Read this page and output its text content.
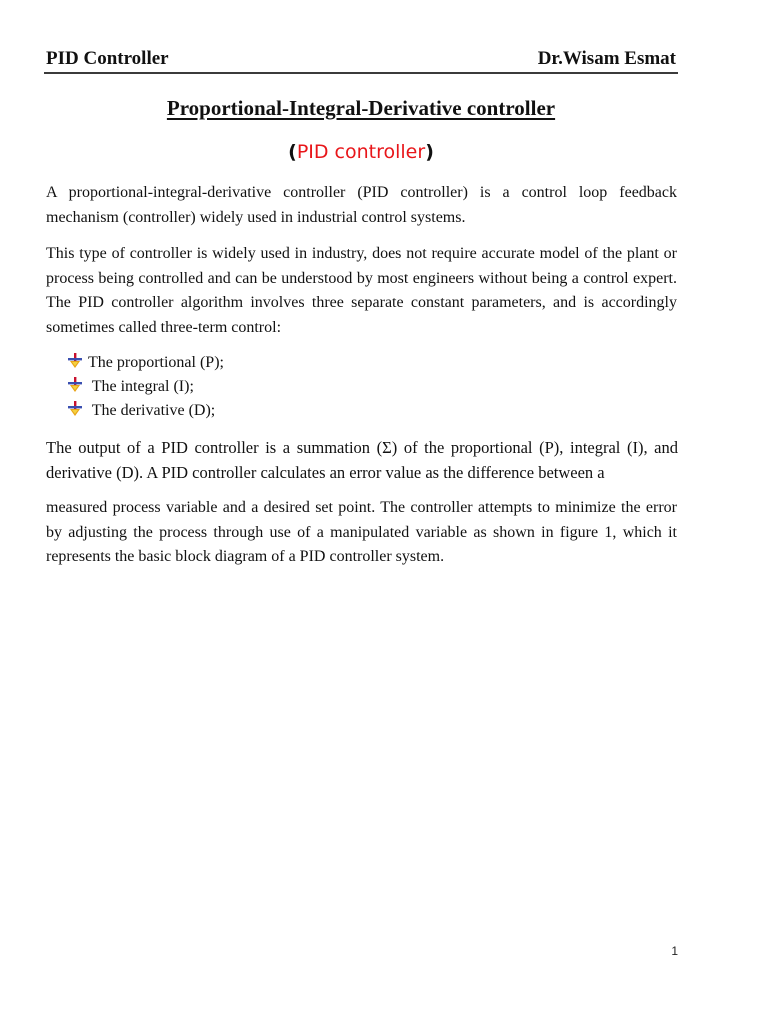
PID Controller	Dr.Wisam Esmat
Proportional-Integral-Derivative controller
(PID controller)

A proportional-integral-derivative controller (PID controller) is a control loop feedback mechanism (controller) widely used in industrial control systems.

This type of controller is widely used in industry, does not require accurate model of the plant or process being controlled and can be understood by most engineers without being a control expert. The PID controller algorithm involves three separate constant parameters, and is accordingly sometimes called three-term control:

The proportional (P);
The integral (I);
The derivative (D);

The output of a PID controller is a summation (Σ) of the proportional (P), integral (I), and derivative (D). A PID controller calculates an error value as the difference between a

measured process variable and a desired set point. The controller attempts to minimize the error by adjusting the process through use of a manipulated variable as shown in figure 1, which it represents the basic block diagram of a PID controller system.

1
